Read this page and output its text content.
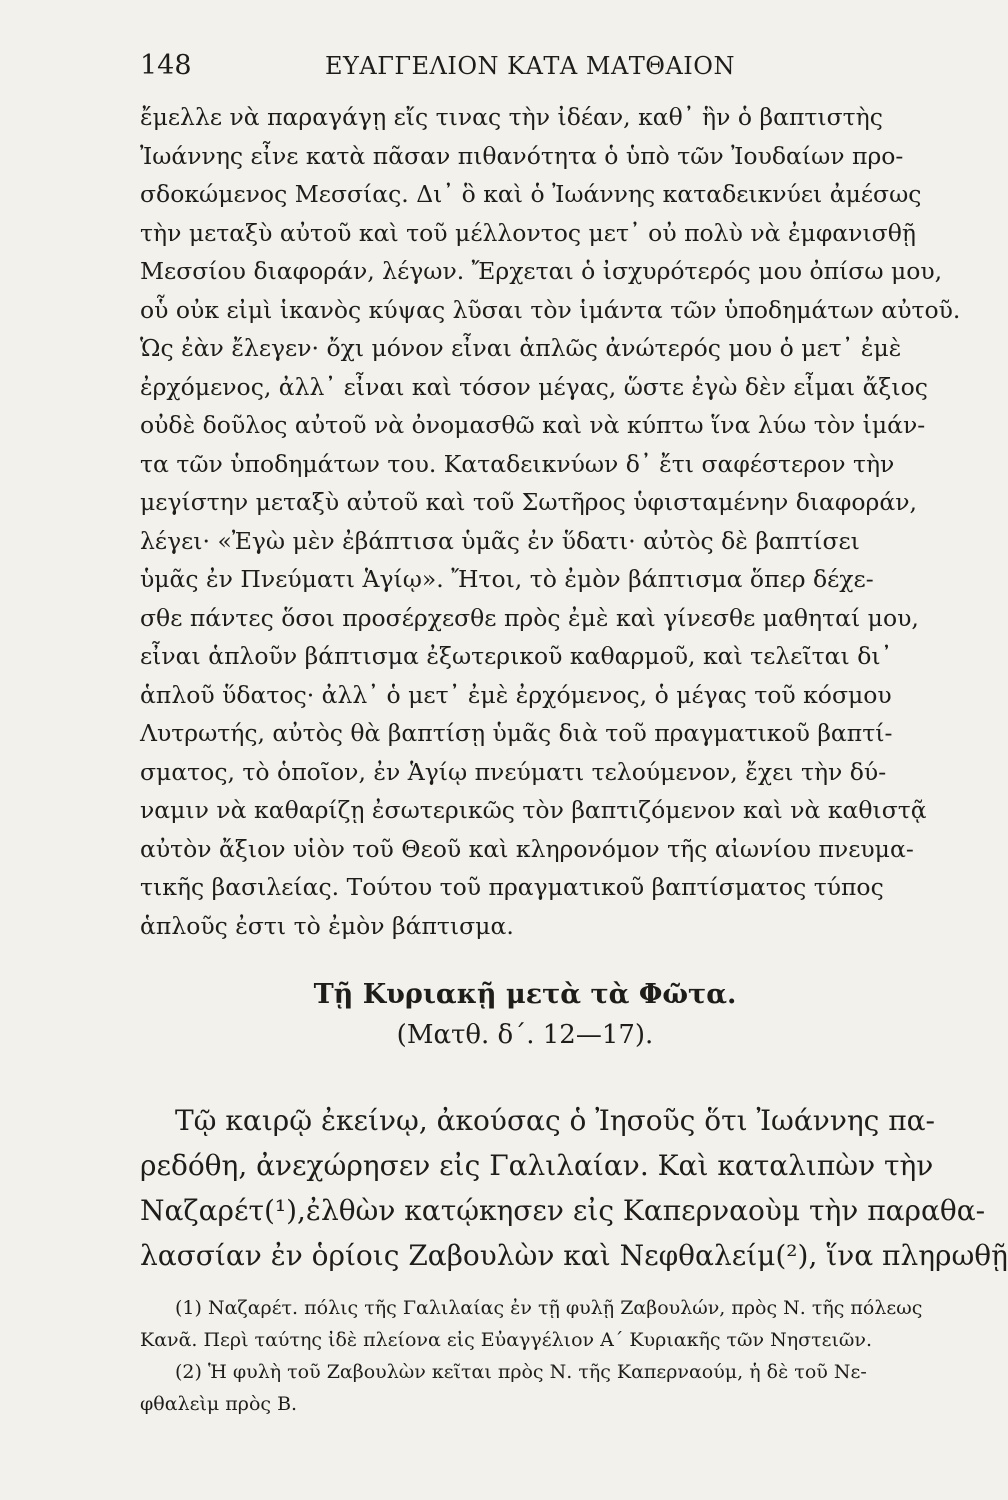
148	ΕΥΑΓΓΕΛΙΟΝ ΚΑΤΑ ΜΑΤΘΑΙΟΝ
ἔμελλε νὰ παραγάγῃ εἴς τινας τὴν ἰδέαν, καθ᾿ ἣν ὁ βαπτιστὴς
Ἰωάννης εἶνε κατὰ πᾶσαν πιθανότητα ὁ ὑπὸ τῶν Ἰουδαίων προ-
σδοκώμενος Μεσσίας. Δι᾿ ὃ καὶ ὁ Ἰωάννης καταδεικνύει ἀμέσως
τὴν μεταξὺ αὐτοῦ καὶ τοῦ μέλλοντος μετ᾿ οὐ πολὺ νὰ ἐμφανισθῇ
Μεσσίου διαφοράν, λέγων. Ἔρχεται ὁ ἰσχυρότερός μου ὀπίσω μου,
οὗ οὐκ εἰμὶ ἱκανὸς κύψας λῦσαι τὸν ἱμάντα τῶν ὑποδημάτων αὐτοῦ.
Ὡς ἐὰν ἔλεγεν· ὄχι μόνον εἶναι ἁπλῶς ἀνώτερός μου ὁ μετ᾿ ἐμὲ
ἐρχόμενος, ἀλλ᾿ εἶναι καὶ τόσον μέγας, ὥστε ἐγὼ δὲν εἶμαι ἄξιος
οὐδὲ δοῦλος αὐτοῦ νὰ ὀνομασθῶ καὶ νὰ κύπτω ἵνα λύω τὸν ἱμάν-
τα τῶν ὑποδημάτων του. Καταδεικνύων δ᾿ ἔτι σαφέστερον τὴν
μεγίστην μεταξὺ αὐτοῦ καὶ τοῦ Σωτῆρος ὑφισταμένην διαφοράν,
λέγει· «Ἐγὼ μὲν ἐβάπτισα ὑμᾶς ἐν ὕδατι· αὐτὸς δὲ βαπτίσει
ὑμᾶς ἐν Πνεύματι Ἁγίῳ». Ἤτοι, τὸ ἐμὸν βάπτισμα ὅπερ δέχε-
σθε πάντες ὅσοι προσέρχεσθε πρὸς ἐμὲ καὶ γίνεσθε μαθηταί μου,
εἶναι ἁπλοῦν βάπτισμα ἐξωτερικοῦ καθαρμοῦ, καὶ τελεῖται δι᾿
ἁπλοῦ ὕδατος· ἀλλ᾿ ὁ μετ᾿ ἐμὲ ἐρχόμενος, ὁ μέγας τοῦ κόσμου
Λυτρωτής, αὐτὸς θὰ βαπτίσῃ ὑμᾶς διὰ τοῦ πραγματικοῦ βαπτί-
σματος, τὸ ὁποῖον, ἐν Ἁγίῳ πνεύματι τελούμενον, ἔχει τὴν δύ-
ναμιν νὰ καθαρίζῃ ἐσωτερικῶς τὸν βαπτιζόμενον καὶ νὰ καθιστᾷ
αὐτὸν ἄξιον υἱὸν τοῦ Θεοῦ καὶ κληρονόμον τῆς αἰωνίου πνευμα-
τικῆς βασιλείας. Τούτου τοῦ πραγματικοῦ βαπτίσματος τύπος
ἁπλοῦς ἐστι τὸ ἐμὸν βάπτισμα.
Τῇ Κυριακῇ μετὰ τὰ Φῶτα.
(Ματθ. δ΄. 12—17).
Τῷ καιρῷ ἐκείνῳ, ἀκούσας ὁ Ἰησοῦς ὅτι Ἰωάννης πα-
ρεδόθη, ἀνεχώρησεν εἰς Γαλιλαίαν. Καὶ καταλιπὼν τὴν
Ναζαρέτ(¹),ἐλθὼν κατῴκησεν εἰς Καπερναοὺμ τὴν παραθα-
λασσίαν ἐν ὁρίοις Ζαβουλὼν καὶ Νεφθαλείμ(²), ἵνα πληρωθῇ
(1) Ναζαρέτ. πόλις τῆς Γαλιλαίας ἐν τῇ φυλῇ Ζαβουλών, πρὸς Ν. τῆς πόλεως
Κανᾶ. Περὶ ταύτης ἰδὲ πλείονα εἰς Εὐαγγέλιον Α΄ Κυριακῆς τῶν Νηστειῶν.
(2) Ἡ φυλὴ τοῦ Ζαβουλὼν κεῖται πρὸς Ν. τῆς Καπερναούμ, ἡ δὲ τοῦ Νε-
φθαλεὶμ πρὸς Β.
